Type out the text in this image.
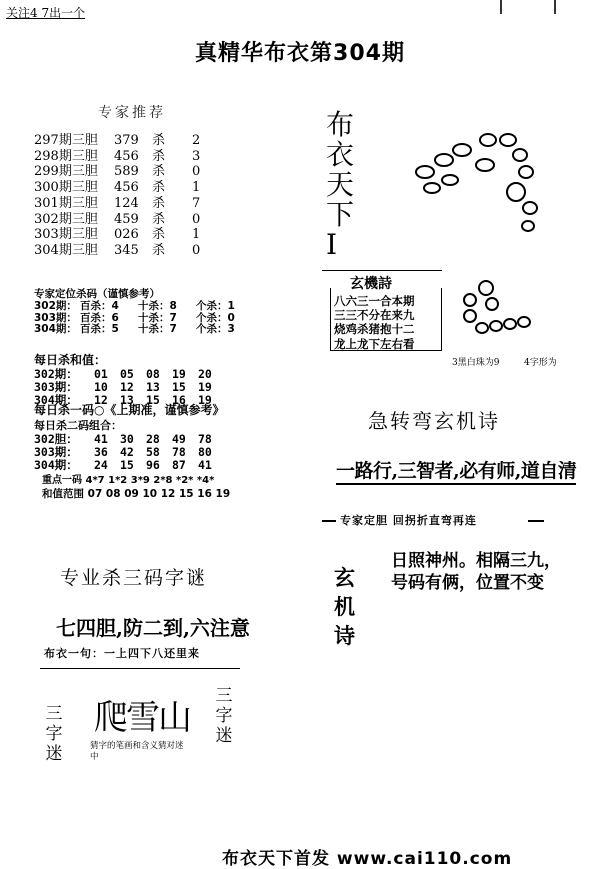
关注4 7出一个
真精华布衣第304期
专家推荐
297期三胆 379 杀 2
298期三胆 456 杀 3
299期三胆 589 杀 0
300期三胆 456 杀 1
301期三胆 124 杀 7
302期三胆 459 杀 0
303期三胆 026 杀 1
304期三胆 345 杀 0
专家定位杀码（谨慎参考）
302期： 百杀：4 十杀：8 个杀：1
303期： 百杀：6 十杀：7 个杀：0
304期： 百杀：5 十杀：7 个杀：3
每日杀和值：
302期： 01 05 08 19 20
303期： 10 12 13 15 19
304期： 12 13 15 16 19
每日杀一码○《上期准，谨慎参考》
每日杀二码组合：
302胆： 41 30 28 49 78
303期： 36 42 58 78 80
304期： 24 15 96 87 41
重点一码 4*7 1*2 3*9 2*8 *2* *4*
和值范围 07 08 09 10 12 15 16 19
专业杀三码字谜
七四胆,防二到,六注意
布衣一句：一上四下八还里来
三字迷
三字迷
爬雪山
猜字的笔画和含义猜对迷中
布衣天下I
玄機詩
八六三一合本期
三三不分在来九
烧鸡杀猪抱十二
龙上龙下左右看
3黑白珠为9	4字形为
急转弯玄机诗
一路行,三智者,必有师,道自清
专家定胆 回拐折直弯再连
玄机诗
日照神州。相隔三九，
号码有俩，位置不变
布衣天下首发 www.cai110.com
